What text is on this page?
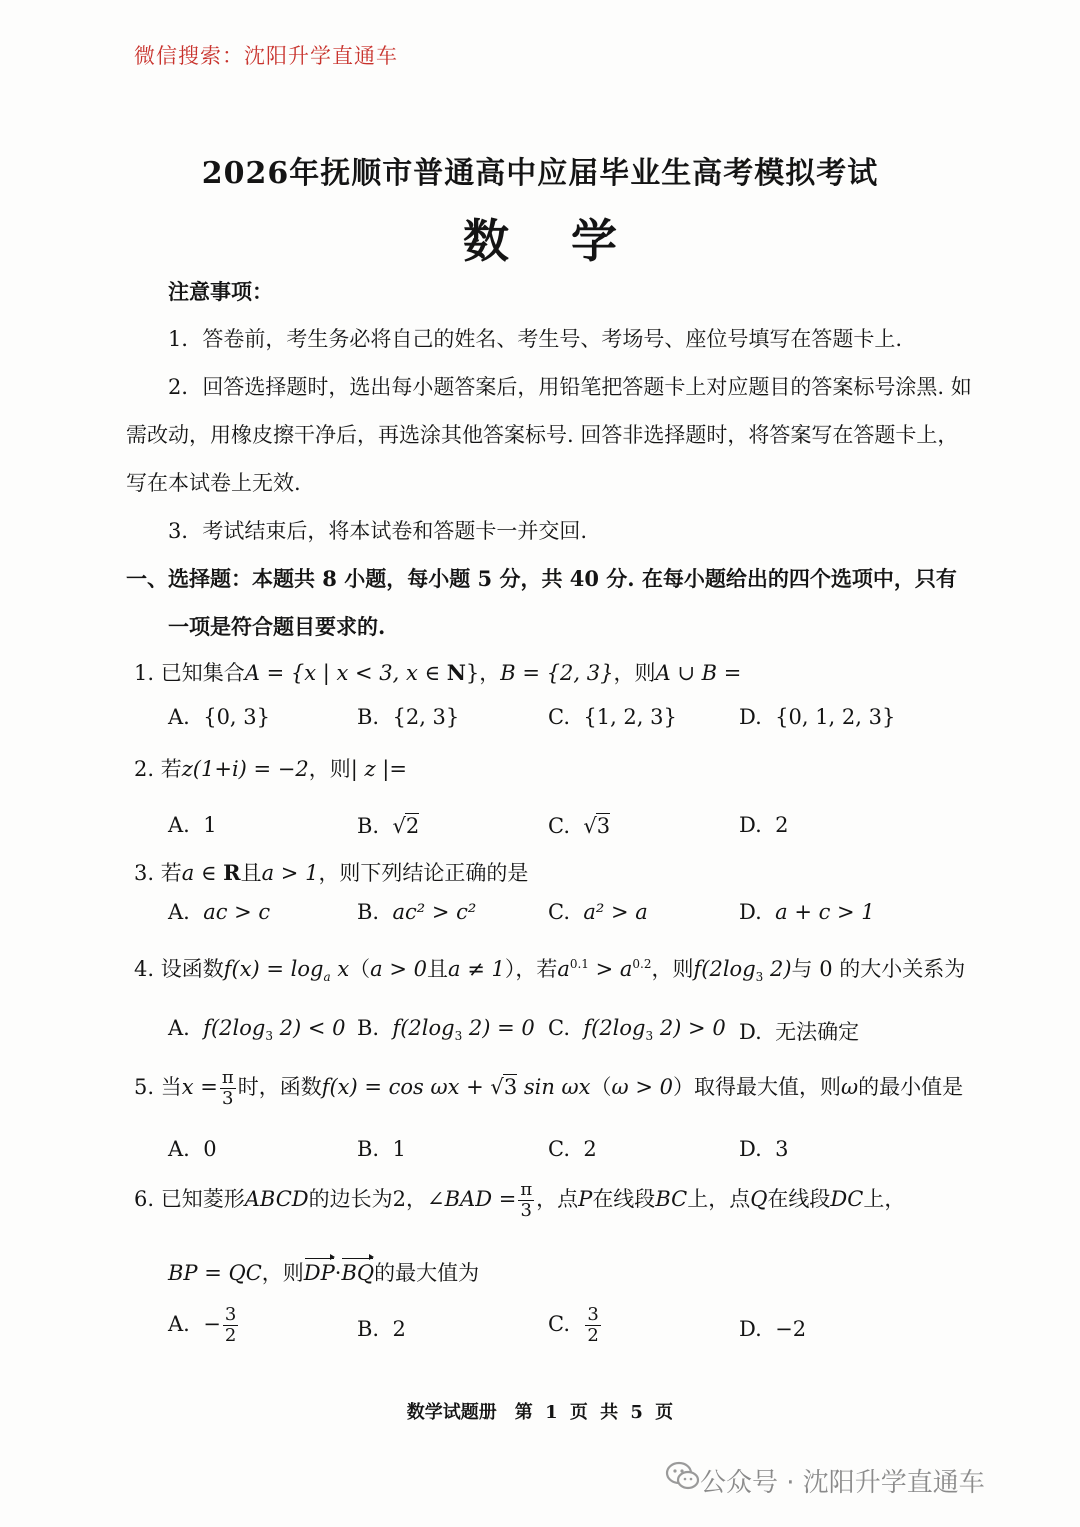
微信搜索：沈阳升学直通车
2026年抚顺市普通高中应届毕业生高考模拟考试
数学
注意事项：
1．答卷前，考生务必将自己的姓名、考生号、考场号、座位号填写在答题卡上.
2．回答选择题时，选出每小题答案后，用铅笔把答题卡上对应题目的答案标号涂黑. 如
需改动，用橡皮擦干净后，再选涂其他答案标号. 回答非选择题时，将答案写在答题卡上，
写在本试卷上无效.
3．考试结束后，将本试卷和答题卡一并交回.
一、选择题：本题共 8 小题，每小题 5 分，共 40 分. 在每小题给出的四个选项中，只有
一项是符合题目要求的.
1. 已知集合A = {x | x < 3, x ∈ N}，B = {2, 3}，则A ∪ B =
A. {0, 3}	B. {2, 3}	C. {1, 2, 3}	D. {0, 1, 2, 3}
2. 若z(1+i) = −2，则| z |=
A. 1	B. √2	C. √3	D. 2
3. 若a ∈ R且a > 1，则下列结论正确的是
A. ac > c	B. ac² > c²	C. a² > a	D. a + c > 1
4. 设函数$f(x) = \log_a x(a > 0$且a ≠ 1），若$a^{0.1} > a^{0.2}$，则$f(2\log_3$ 2)与 0 的大小关系为
A. $f(2\log_3$ 2) < 0 B. $f(2\log_3$ 2) = 0 C. $f(2\log_3$ 2) > 0 D. 无法确定
5. 当$x = \frac{\pi}{3}$ 时，函数f(x) = cos ωx + √3 sin ωx（ω > 0）取得最大值，则ω的最小值是
A. 0	B. 1	C. 2	D. 3
6. 已知菱形ABCD的边长为2，∠BAD = $\frac{\pi}{3}$ ，点P在线段BC上，点Q在线段DC上，
BP = QC，则DP·BQ的最大值为
A. − $\frac{3}{2}$	B. 2	C. $\frac{3}{2}$	D. −2
数学试题册　第 1 页 共 5 页
公众号 · 沈阳升学直通车
